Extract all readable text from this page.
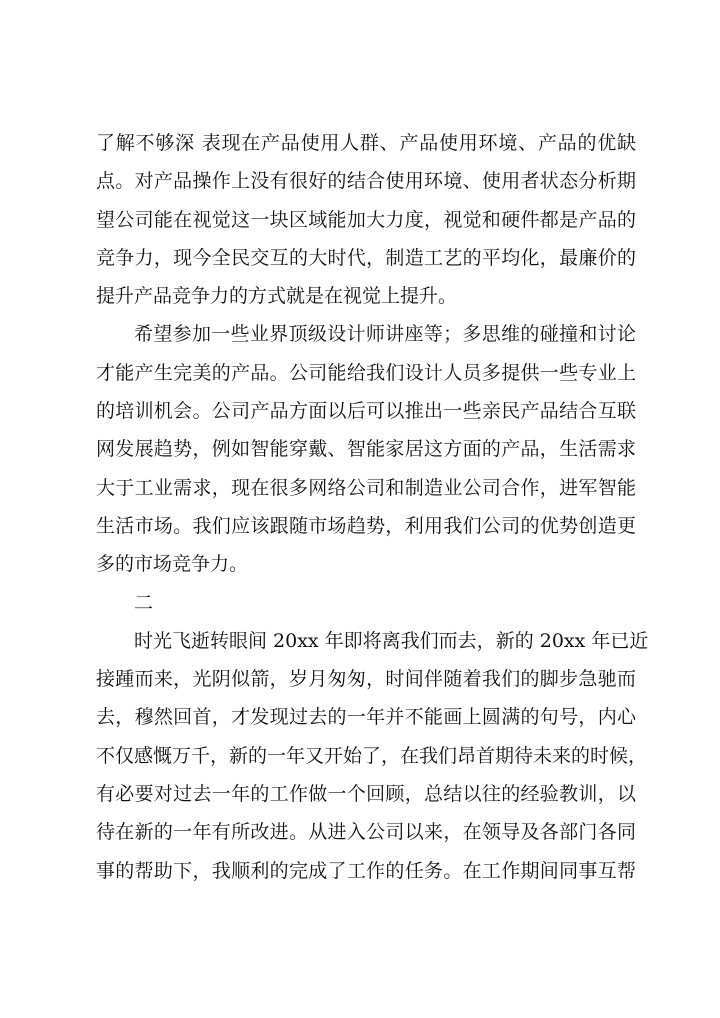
了解不够深 表现在产品使用人群、产品使用环境、产品的优缺
点。对产品操作上没有很好的结合使用环境、使用者状态分析期
望公司能在视觉这一块区域能加大力度，视觉和硬件都是产品的
竞争力，现今全民交互的大时代，制造工艺的平均化，最廉价的
提升产品竞争力的方式就是在视觉上提升。
希望参加一些业界顶级设计师讲座等；多思维的碰撞和讨论
才能产生完美的产品。公司能给我们设计人员多提供一些专业上
的培训机会。公司产品方面以后可以推出一些亲民产品结合互联
网发展趋势，例如智能穿戴、智能家居这方面的产品，生活需求
大于工业需求，现在很多网络公司和制造业公司合作，进军智能
生活市场。我们应该跟随市场趋势，利用我们公司的优势创造更
多的市场竞争力。
二
时光飞逝转眼间 20xx 年即将离我们而去，新的 20xx 年已近
接踵而来，光阴似箭，岁月匆匆，时间伴随着我们的脚步急驰而
去，穆然回首，才发现过去的一年并不能画上圆满的句号，内心
不仅感慨万千，新的一年又开始了，在我们昂首期待未来的时候，
有必要对过去一年的工作做一个回顾，总结以往的经验教训，以
待在新的一年有所改进。从进入公司以来，在领导及各部门各同
事的帮助下，我顺利的完成了工作的任务。在工作期间同事互帮
